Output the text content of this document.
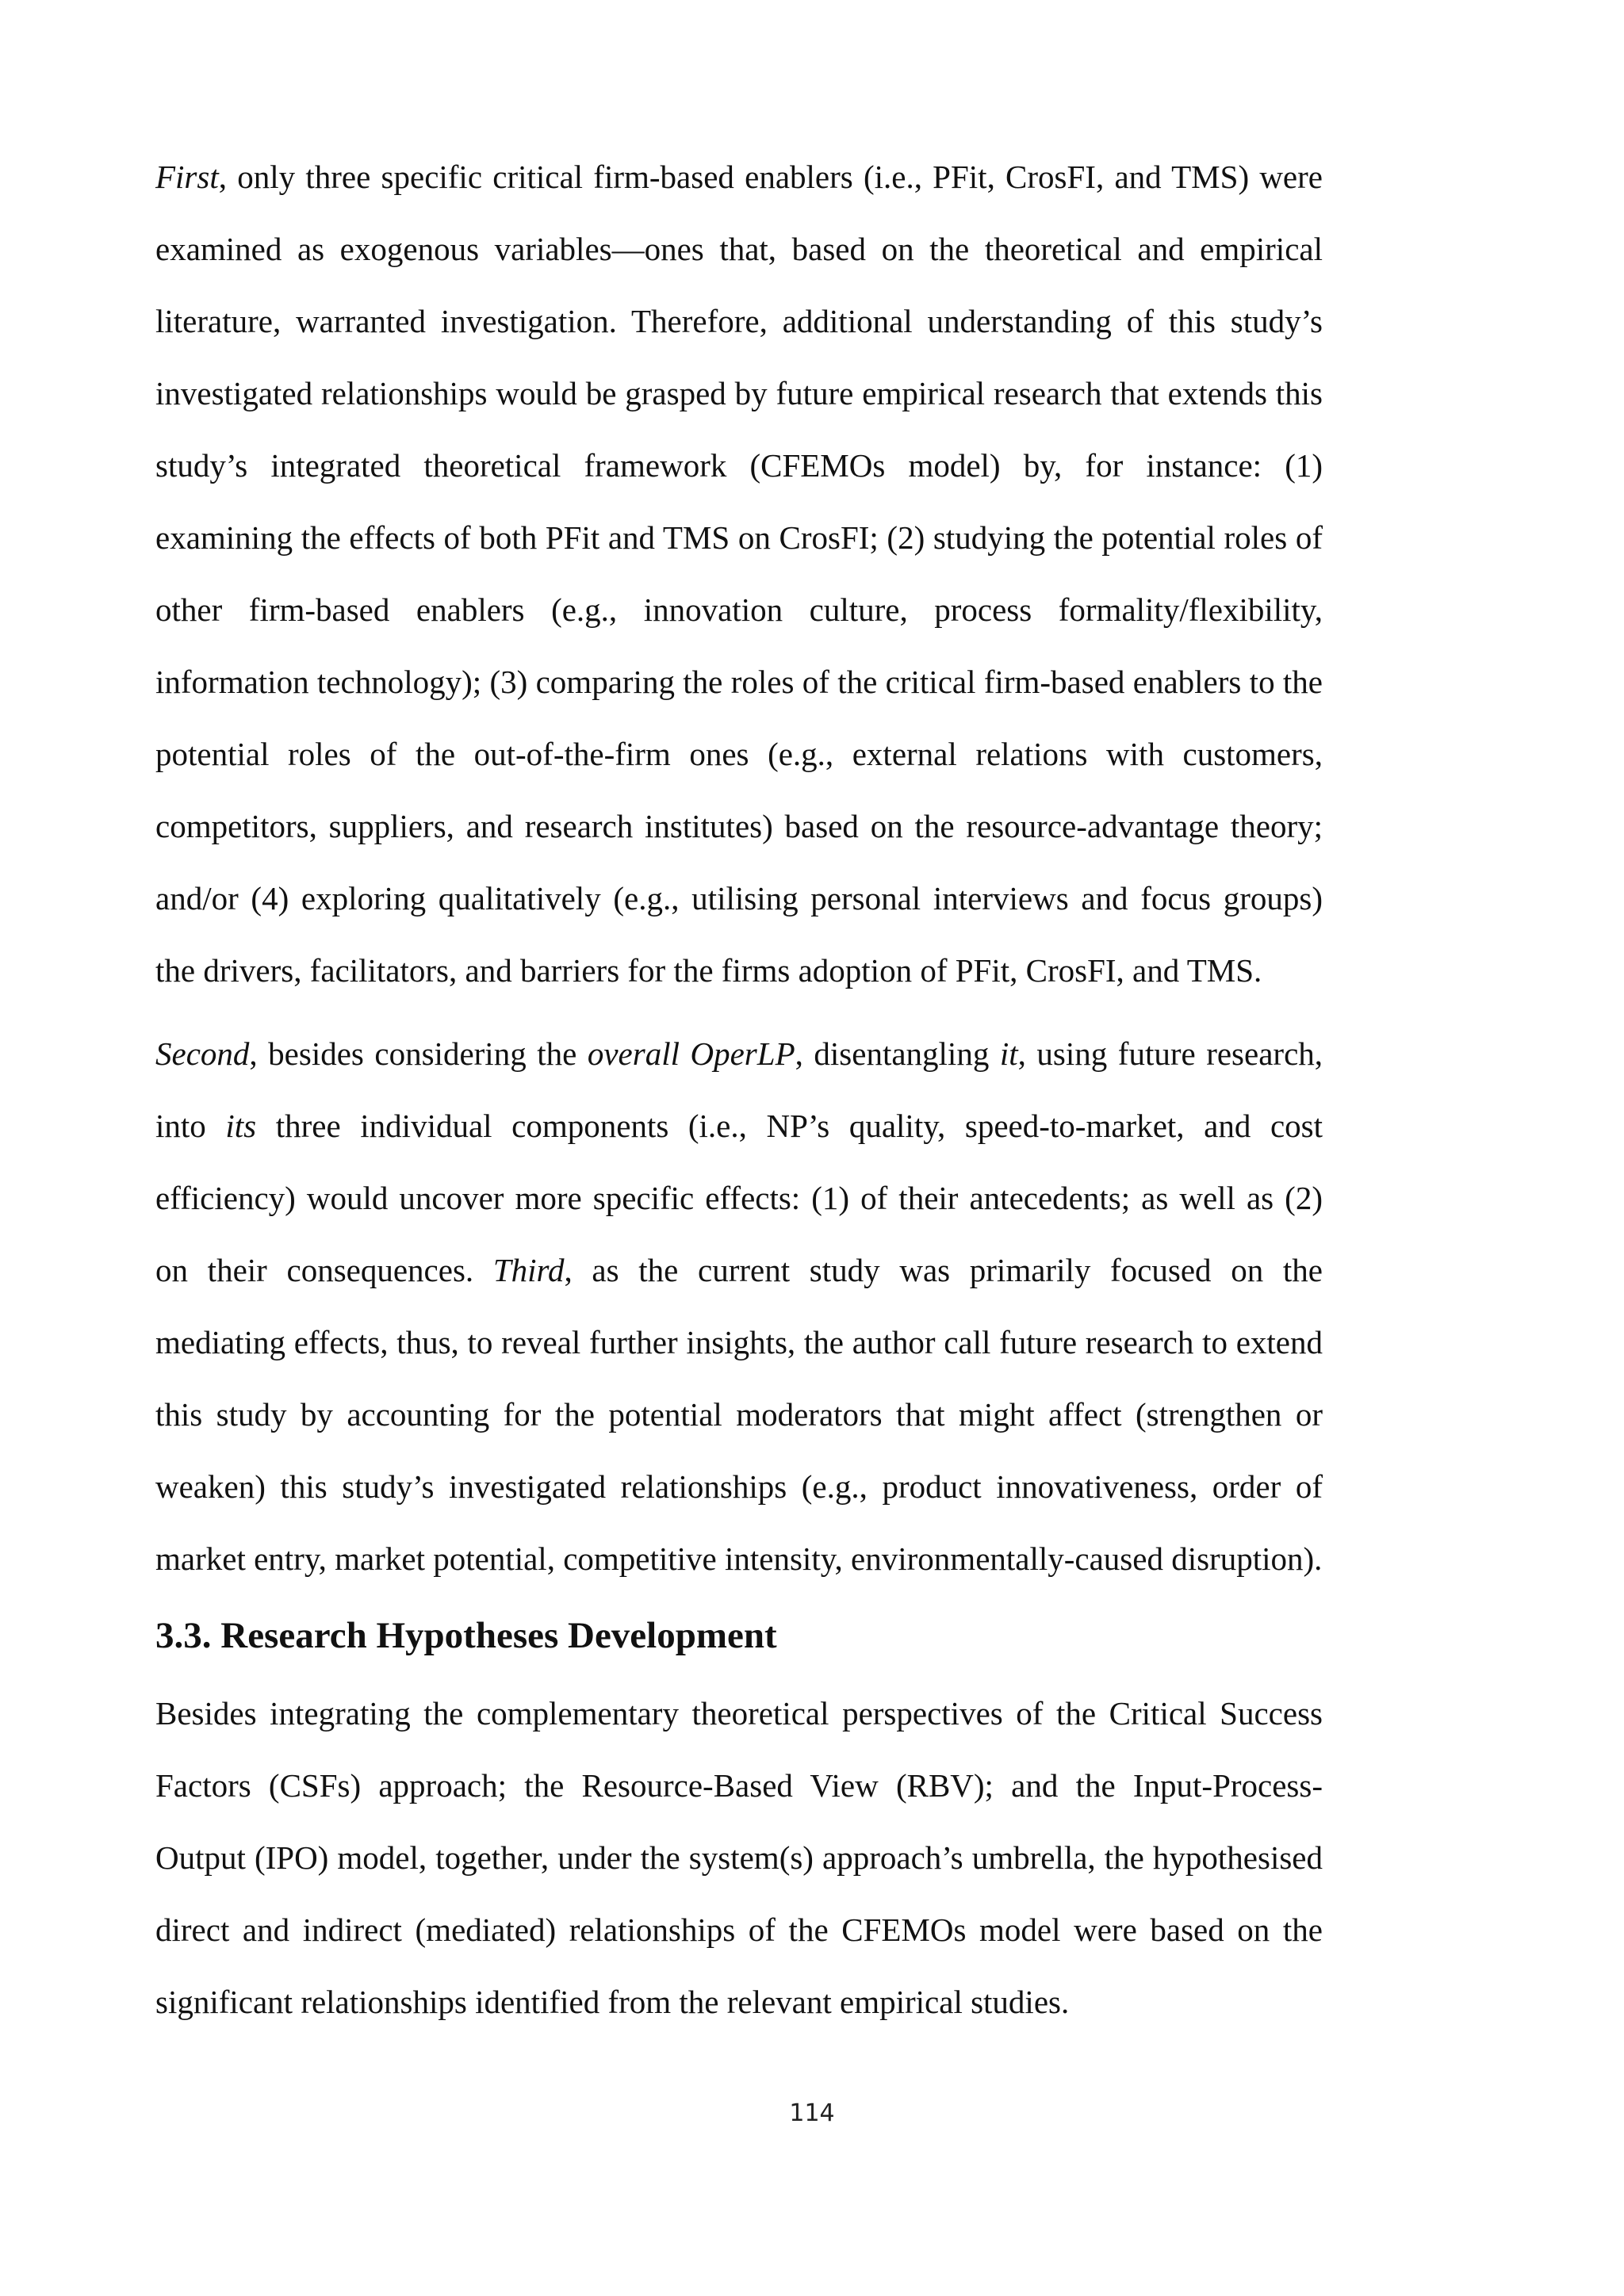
First, only three specific critical firm-based enablers (i.e., PFit, CrosFI, and TMS) were examined as exogenous variables—ones that, based on the theoretical and empirical literature, warranted investigation. Therefore, additional understanding of this study’s investigated relationships would be grasped by future empirical research that extends this study’s integrated theoretical framework (CFEMOs model) by, for instance: (1) examining the effects of both PFit and TMS on CrosFI; (2) studying the potential roles of other firm-based enablers (e.g., innovation culture, process formality/flexibility, information technology); (3) comparing the roles of the critical firm-based enablers to the potential roles of the out-of-the-firm ones (e.g., external relations with customers, competitors, suppliers, and research institutes) based on the resource-advantage theory; and/or (4) exploring qualitatively (e.g., utilising personal interviews and focus groups) the drivers, facilitators, and barriers for the firms adoption of PFit, CrosFI, and TMS.

Second, besides considering the overall OperLP, disentangling it, using future research, into its three individual components (i.e., NP’s quality, speed-to-market, and cost efficiency) would uncover more specific effects: (1) of their antecedents; as well as (2) on their consequences. Third, as the current study was primarily focused on the mediating effects, thus, to reveal further insights, the author call future research to extend this study by accounting for the potential moderators that might affect (strengthen or weaken) this study’s investigated relationships (e.g., product innovativeness, order of market entry, market potential, competitive intensity, environmentally-caused disruption).

3.3. Research Hypotheses Development

Besides integrating the complementary theoretical perspectives of the Critical Success Factors (CSFs) approach; the Resource-Based View (RBV); and the Input-Process-Output (IPO) model, together, under the system(s) approach’s umbrella, the hypothesised direct and indirect (mediated) relationships of the CFEMOs model were based on the significant relationships identified from the relevant empirical studies.

114
